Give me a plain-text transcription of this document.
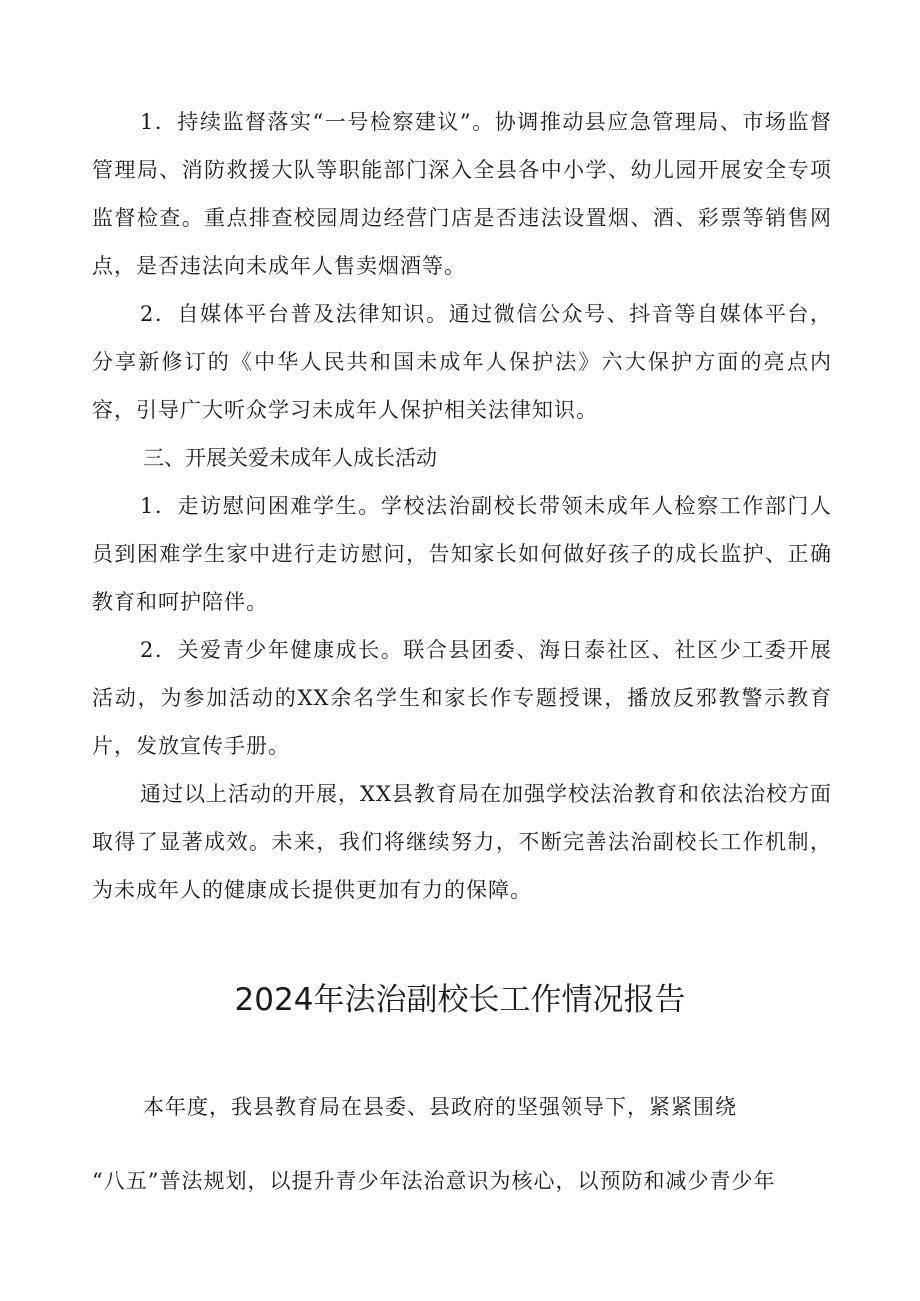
1．持续监督落实“一号检察建议”。协调推动县应急管理局、市场监督管理局、消防救援大队等职能部门深入全县各中小学、幼儿园开展安全专项监督检查。重点排查校园周边经营门店是否违法设置烟、酒、彩票等销售网点，是否违法向未成年人售卖烟酒等。

2．自媒体平台普及法律知识。通过微信公众号、抖音等自媒体平台，分享新修订的《中华人民共和国未成年人保护法》六大保护方面的亮点内容，引导广大听众学习未成年人保护相关法律知识。

三、开展关爱未成年人成长活动

1．走访慰问困难学生。学校法治副校长带领未成年人检察工作部门人员到困难学生家中进行走访慰问，告知家长如何做好孩子的成长监护、正确教育和呵护陪伴。

2．关爱青少年健康成长。联合县团委、海日泰社区、社区少工委开展活动，为参加活动的XX余名学生和家长作专题授课，播放反邪教警示教育片，发放宣传手册。

通过以上活动的开展，XX县教育局在加强学校法治教育和依法治校方面取得了显著成效。未来，我们将继续努力，不断完善法治副校长工作机制，为未成年人的健康成长提供更加有力的保障。

2024年法治副校长工作情况报告

本年度，我县教育局在县委、县政府的坚强领导下，紧紧围绕

“八五”普法规划，以提升青少年法治意识为核心，以预防和减少青少年
